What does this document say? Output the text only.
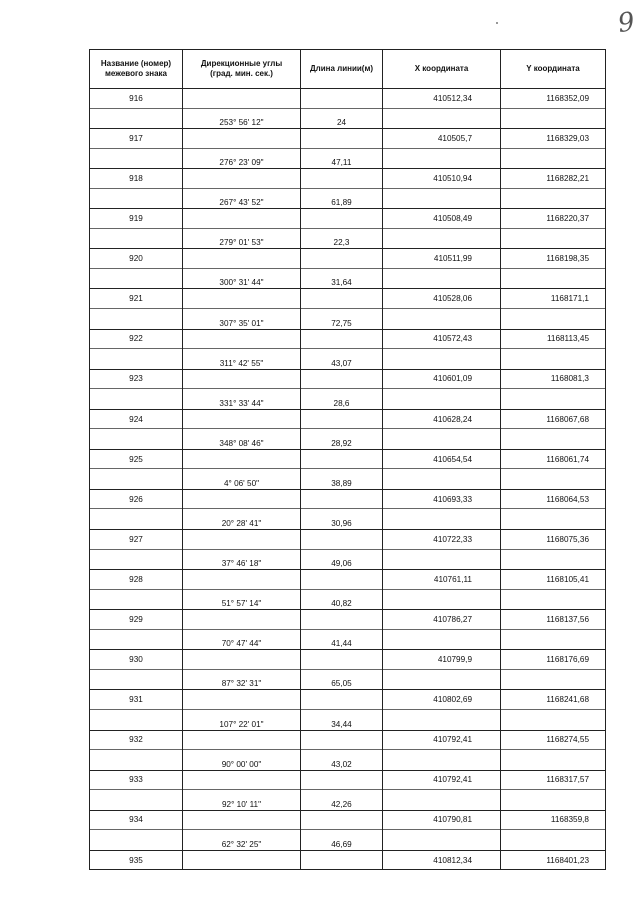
9
Название (номер)
межевого знака	Дирекционные углы
(град. мин. сек.)	Длина линии(м)	X координата	Y координата
916			410512,34	1168352,09
	253° 56' 12"	24		
917			410505,7	1168329,03
	276° 23' 09"	47,11		
918			410510,94	1168282,21
	267° 43' 52"	61,89		
919			410508,49	1168220,37
	279° 01' 53"	22,3		
920			410511,99	1168198,35
	300° 31' 44"	31,64		
921			410528,06	1168171,1
	307° 35' 01"	72,75		
922			410572,43	1168113,45
	311° 42' 55"	43,07		
923			410601,09	1168081,3
	331° 33' 44"	28,6		
924			410628,24	1168067,68
	348° 08' 46"	28,92		
925			410654,54	1168061,74
	4° 06' 50"	38,89		
926			410693,33	1168064,53
	20° 28' 41"	30,96		
927			410722,33	1168075,36
	37° 46' 18"	49,06		
928			410761,11	1168105,41
	51° 57' 14"	40,82		
929			410786,27	1168137,56
	70° 47' 44"	41,44		
930			410799,9	1168176,69
	87° 32' 31"	65,05		
931			410802,69	1168241,68
	107° 22' 01"	34,44		
932			410792,41	1168274,55
	90° 00' 00"	43,02		
933			410792,41	1168317,57
	92° 10' 11"	42,26		
934			410790,81	1168359,8
	62° 32' 25"	46,69		
935			410812,34	1168401,23
